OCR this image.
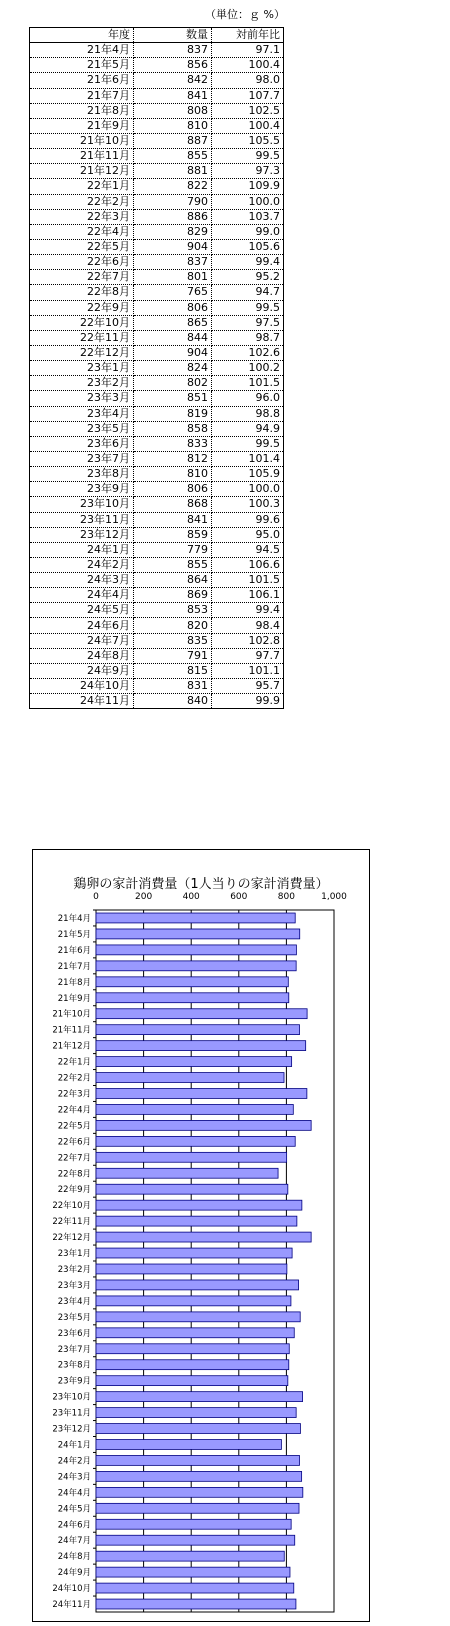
（単位：ｇ %）
年度	数量	対前年比
21年4月	837	97.1
21年5月	856	100.4
21年6月	842	98.0
21年7月	841	107.7
21年8月	808	102.5
21年9月	810	100.4
21年10月	887	105.5
21年11月	855	99.5
21年12月	881	97.3
22年1月	822	109.9
22年2月	790	100.0
22年3月	886	103.7
22年4月	829	99.0
22年5月	904	105.6
22年6月	837	99.4
22年7月	801	95.2
22年8月	765	94.7
22年9月	806	99.5
22年10月	865	97.5
22年11月	844	98.7
22年12月	904	102.6
23年1月	824	100.2
23年2月	802	101.5
23年3月	851	96.0
23年4月	819	98.8
23年5月	858	94.9
23年6月	833	99.5
23年7月	812	101.4
23年8月	810	105.9
23年9月	806	100.0
23年10月	868	100.3
23年11月	841	99.6
23年12月	859	95.0
24年1月	779	94.5
24年2月	855	106.6
24年3月	864	101.5
24年4月	869	106.1
24年5月	853	99.4
24年6月	820	98.4
24年7月	835	102.8
24年8月	791	97.7
24年9月	815	101.1
24年10月	831	95.7
24年11月	840	99.9
鶏卵の家計消費量（1人当りの家計消費量）
0	200	400	600	800	1,000
21年4月
21年5月
21年6月
21年7月
21年8月
21年9月
21年10月
21年11月
21年12月
22年1月
22年2月
22年3月
22年4月
22年5月
22年6月
22年7月
22年8月
22年9月
22年10月
22年11月
22年12月
23年1月
23年2月
23年3月
23年4月
23年5月
23年6月
23年7月
23年8月
23年9月
23年10月
23年11月
23年12月
24年1月
24年2月
24年3月
24年4月
24年5月
24年6月
24年7月
24年8月
24年9月
24年10月
24年11月
